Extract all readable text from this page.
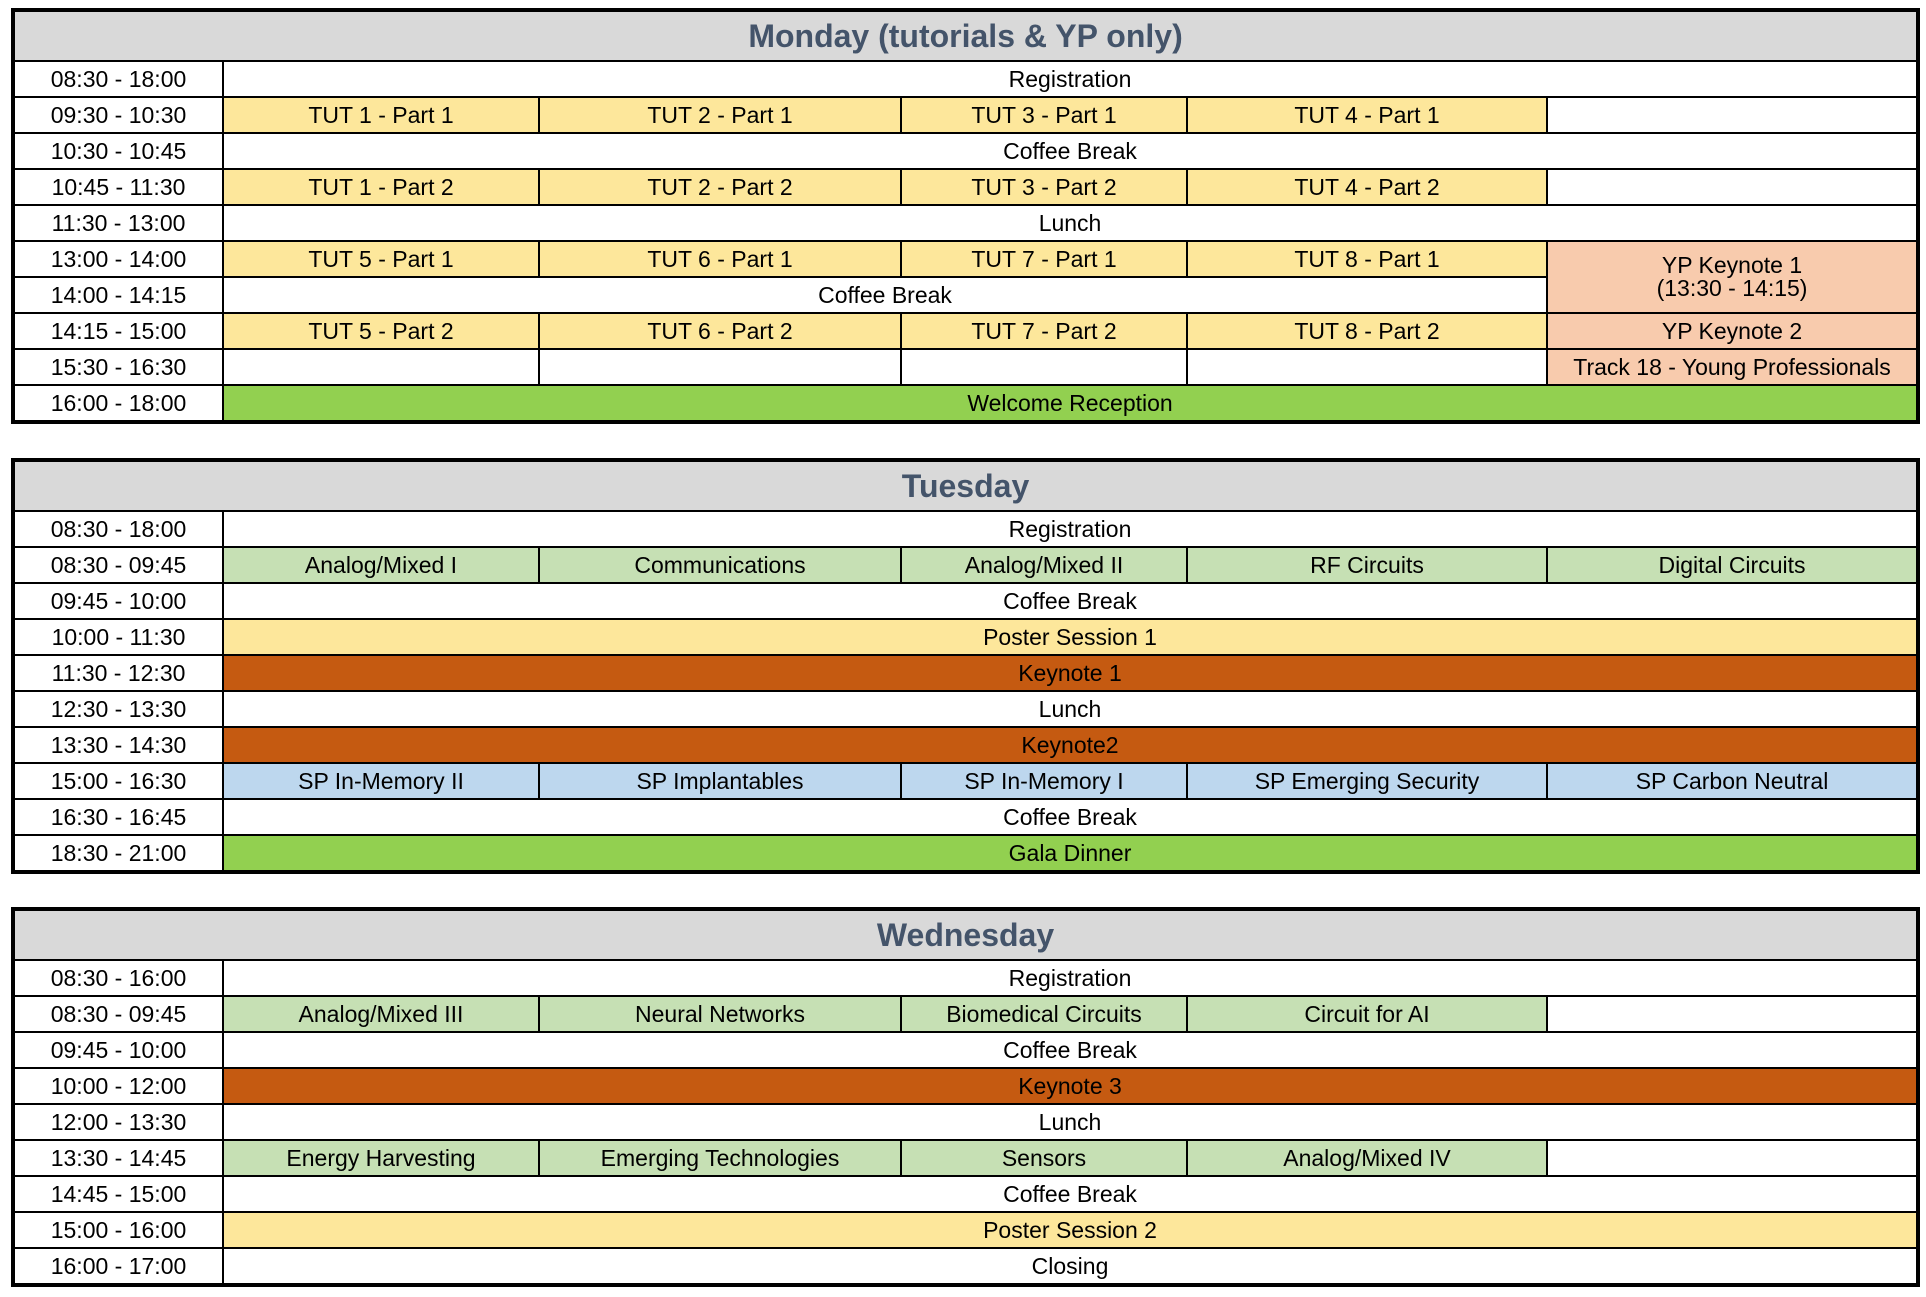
Monday (tutorials & YP only)					
08:30 - 18:00	Registration				
09:30 - 10:30	TUT 1 - Part 1	TUT 2 - Part 1	TUT 3 - Part 1	TUT 4 - Part 1	
10:30 - 10:45	Coffee Break				
10:45 - 11:30	TUT 1 - Part 2	TUT 2 - Part 2	TUT 3 - Part 2	TUT 4 - Part 2	
11:30 - 13:00	Lunch				
13:00 - 14:00	TUT 5 - Part 1	TUT 6 - Part 1	TUT 7 - Part 1	TUT 8 - Part 1	YP Keynote 1
(13:30 - 14:15)

14:00 - 14:15	Coffee Break				
14:15 - 15:00	TUT 5 - Part 2	TUT 6 - Part 2	TUT 7 - Part 2	TUT 8 - Part 2	YP Keynote 2
15:30 - 16:30					Track 18 - Young Professionals
16:00 - 18:00	Welcome Reception				
Tuesday					
08:30 - 18:00	Registration				
08:30 - 09:45	Analog/Mixed I	Communications	Analog/Mixed II	RF Circuits	Digital Circuits
09:45 - 10:00	Coffee Break				
10:00 - 11:30	Poster Session 1				
11:30 - 12:30	Keynote 1				
12:30 - 13:30	Lunch				
13:30 - 14:30	Keynote2				
15:00 - 16:30	SP In-Memory II	SP Implantables	SP In-Memory I	SP Emerging Security	SP Carbon Neutral
16:30 - 16:45	Coffee Break				
18:30 - 21:00	Gala Dinner				
Wednesday					
08:30 - 16:00	Registration				
08:30 - 09:45	Analog/Mixed III	Neural Networks	Biomedical Circuits	Circuit for AI	
09:45 - 10:00	Coffee Break				
10:00 - 12:00	Keynote 3				
12:00 - 13:30	Lunch				
13:30 - 14:45	Energy Harvesting	Emerging Technologies	Sensors	Analog/Mixed IV	
14:45 - 15:00	Coffee Break				
15:00 - 16:00	Poster Session 2				
16:00 - 17:00	Closing				
